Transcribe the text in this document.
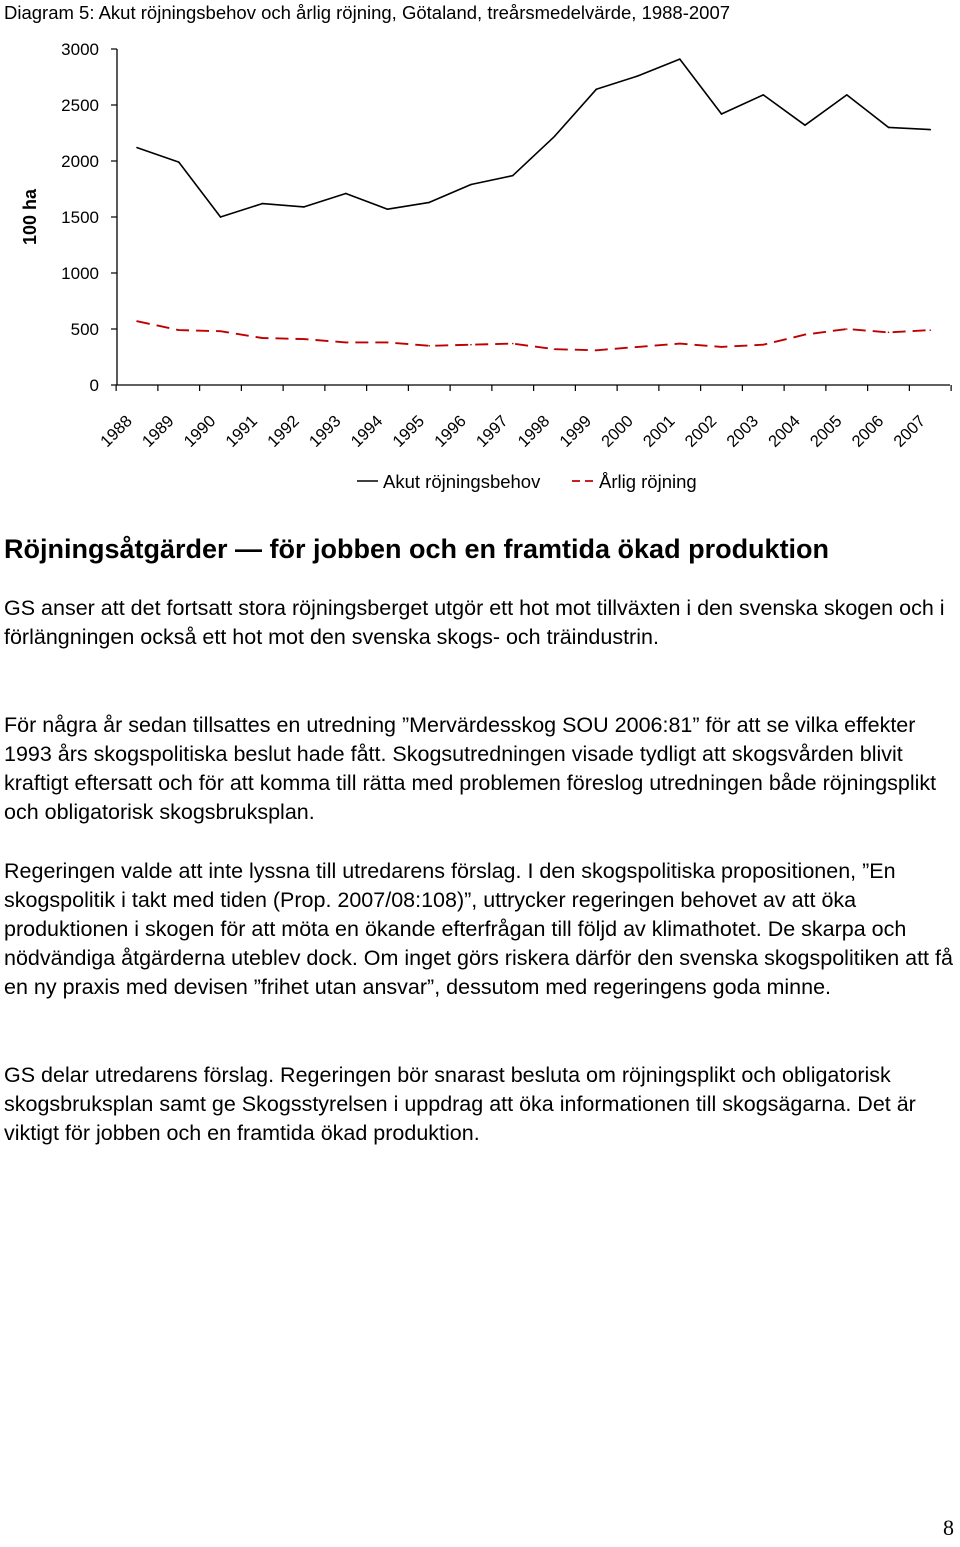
Diagram 5: Akut röjningsbehov och årlig röjning, Götaland, treårsmedelvärde, 1988-2007
100 ha
0
500
1000
1500
2000
2500
3000
1988 1989 1990 1991 1992 1993 1994 1995 1996 1997 1998 1999 2000 2001 2002 2003 2004 2005 2006 2007
Akut röjningsbehov	Årlig röjning
Röjningsåtgärder — för jobben och en framtida ökad produktion

GS anser att det fortsatt stora röjningsberget utgör ett hot mot tillväxten i den svenska skogen och i förlängningen också ett hot mot den svenska skogs- och träindustrin.

För några år sedan tillsattes en utredning ”Mervärdesskog SOU 2006:81” för att se vilka effekter 1993 års skogspolitiska beslut hade fått. Skogsutredningen visade tydligt att skogsvården blivit kraftigt eftersatt och för att komma till rätta med problemen föreslog utredningen både röjningsplikt och obligatorisk skogsbruksplan.

Regeringen valde att inte lyssna till utredarens förslag. I den skogspolitiska propositionen, ”En skogspolitik i takt med tiden (Prop. 2007/08:108)”, uttrycker regeringen behovet av att öka produktionen i skogen för att möta en ökande efterfrågan till följd av klimathotet. De skarpa och nödvändiga åtgärderna uteblev dock. Om inget görs riskera därför den svenska skogspolitiken att få en ny praxis med devisen ”frihet utan ansvar”, dessutom med regeringens goda minne.

GS delar utredarens förslag. Regeringen bör snarast besluta om röjningsplikt och obligatorisk skogsbruksplan samt ge Skogsstyrelsen i uppdrag att öka informationen till skogsägarna. Det är viktigt för jobben och en framtida ökad produktion.

8
